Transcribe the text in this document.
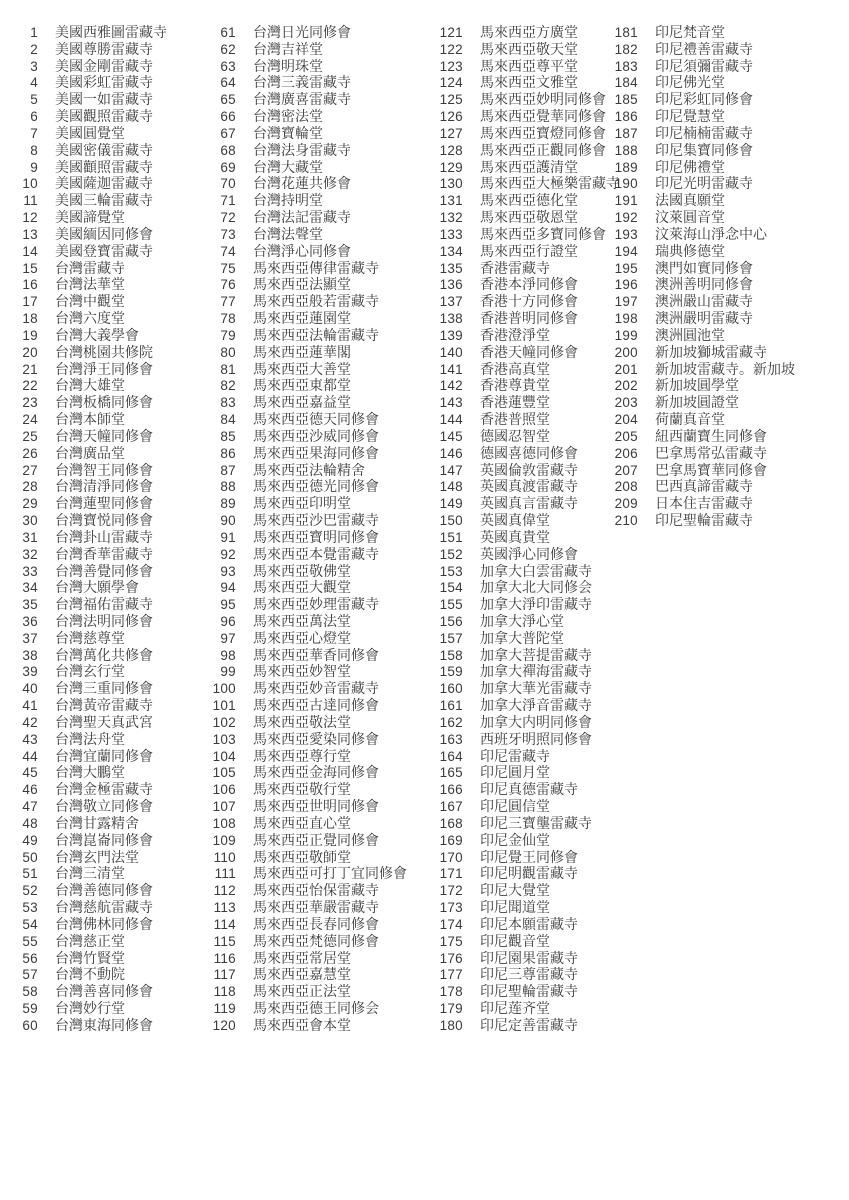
1	美國西雅圖雷藏寺
2	美國尊勝雷藏寺
3	美國金剛雷藏寺
4	美國彩虹雷藏寺
5	美國一如雷藏寺
6	美國觀照雷藏寺
7	美國圓覺堂
8	美國密儀雷藏寺
9	美國顴照雷藏寺
10	美國薩迦雷藏寺
11	美國三輪雷藏寺
12	美國諦覺堂
13	美國緬因同修會
14	美國登寶雷藏寺
15	台灣雷藏寺
16	台灣法華堂
17	台灣中觀堂
18	台灣六度堂
19	台灣大義學會
20	台灣桃園共修院
21	台灣淨王同修會
22	台灣大雄堂
23	台灣板橋同修會
24	台灣本師堂
25	台灣天幢同修會
26	台灣廣品堂
27	台灣智王同修會
28	台灣清淨同修會
29	台灣蓮聖同修會
30	台灣寶悦同修會
31	台灣卦山雷藏寺
32	台灣香華雷藏寺
33	台灣善覺同修會
34	台灣大願學會
35	台灣福佑雷藏寺
36	台灣法明同修會
37	台灣慈尊堂
38	台灣萬化共修會
39	台灣玄行堂
40	台灣三重同修會
41	台灣黃帝雷藏寺
42	台灣聖天真武宮
43	台灣法舟堂
44	台灣宜蘭同修會
45	台灣大鵬堂
46	台灣金極雷藏寺
47	台灣敬立同修會
48	台灣甘露精舍
49	台灣崑崙同修會
50	台灣玄門法堂
51	台灣三清堂
52	台灣善德同修會
53	台灣慈航雷藏寺
54	台灣佛林同修會
55	台灣慈正堂
56	台灣竹賢堂
57	台灣不動院
58	台灣善喜同修會
59	台灣妙行堂
60	台灣東海同修會
61	台灣日光同修會
62	台灣吉祥堂
63	台灣明珠堂
64	台灣三義雷藏寺
65	台灣廣喜雷藏寺
66	台灣密法堂
67	台灣寶輪堂
68	台灣法身雷藏寺
69	台灣大藏堂
70	台灣花蓮共修會
71	台灣持明堂
72	台灣法記雷藏寺
73	台灣法聲堂
74	台灣淨心同修會
75	馬來西亞傳律雷藏寺
76	馬來西亞法顯堂
77	馬來西亞般若雷藏寺
78	馬來西亞蓮園堂
79	馬來西亞法輪雷藏寺
80	馬來西亞蓮華閣
81	馬來西亞大善堂
82	馬來西亞東都堂
83	馬來西亞嘉益堂
84	馬來西亞德天同修會
85	馬來西亞沙威同修會
86	馬來西亞果海同修會
87	馬來西亞法輪精舍
88	馬來西亞德光同修會
89	馬來西亞印明堂
90	馬來西亞沙巴雷藏寺
91	馬來西亞寶明同修會
92	馬來西亞本覺雷藏寺
93	馬來西亞敬佛堂
94	馬來西亞大觀堂
95	馬來西亞妙理雷藏寺
96	馬來西亞萬法堂
97	馬來西亞心燈堂
98	馬來西亞華香同修會
99	馬來西亞妙智堂
100	馬來西亞妙音雷藏寺
101	馬來西亞古達同修會
102	馬來西亞敬法堂
103	馬來西亞愛染同修會
104	馬來西亞尊行堂
105	馬來西亞金海同修會
106	馬來西亞敬行堂
107	馬來西亞世明同修會
108	馬來西亞直心堂
109	馬來西亞正覺同修會
110	馬來西亞敬師堂
111	馬來西亞可打丁宜同修會
112	馬來西亞怡保雷藏寺
113	馬來西亞華嚴雷藏寺
114	馬來西亞長春同修會
115	馬來西亞梵德同修會
116	馬來西亞常居堂
117	馬來西亞嘉慧堂
118	馬來西亞正法堂
119	馬來西亞德王同修会
120	馬來西亞會本堂
121	馬來西亞方廣堂
122	馬來西亞敬天堂
123	馬來西亞尊平堂
124	馬來西亞文雅堂
125	馬來西亞妙明同修會
126	馬來西亞覺華同修會
127	馬來西亞寶燈同修會
128	馬來西亞正觀同修會
129	馬來西亞護清堂
130	馬來西亞大極樂雷藏寺
131	馬來西亞德化堂
132	馬來西亞敬恩堂
133	馬來西亞多寶同修會
134	馬來西亞行證堂
135	香港雷藏寺
136	香港本淨同修會
137	香港十方同修會
138	香港普明同修會
139	香港澄淨堂
140	香港天幢同修會
141	香港高真堂
142	香港尊貴堂
143	香港蓮豐堂
144	香港普照堂
145	德國忍智堂
146	德國喜德同修會
147	英國倫敦雷藏寺
148	英國真渡雷藏寺
149	英國真言雷藏寺
150	英國真偉堂
151	英國真貴堂
152	英國淨心同修會
153	加拿大白雲雷藏寺
154	加拿大北大同修会
155	加拿大淨印雷藏寺
156	加拿大淨心堂
157	加拿大普陀堂
158	加拿大菩提雷藏寺
159	加拿大禪海雷藏寺
160	加拿大華光雷藏寺
161	加拿大淨音雷藏寺
162	加拿大内明同修會
163	西班牙明照同修會
164	印尼雷藏寺
165	印尼圓月堂
166	印尼真德雷藏寺
167	印尼圓信堂
168	印尼三寶壟雷藏寺
169	印尼金仙堂
170	印尼覺王同修會
171	印尼明觀雷藏寺
172	印尼大覺堂
173	印尼聞道堂
174	印尼本願雷藏寺
175	印尼觀音堂
176	印尼園果雷藏寺
177	印尼三尊雷藏寺
178	印尼聖輪雷藏寺
179	印尼莲齐堂
180	印尼定善雷藏寺
181	印尼梵音堂
182	印尼禮善雷藏寺
183	印尼須彌雷藏寺
184	印尼佛光堂
185	印尼彩虹同修會
186	印尼覺慧堂
187	印尼楠楠雷藏寺
188	印尼集寶同修會
189	印尼佛禮堂
190	印尼光明雷藏寺
191	法國真願堂
192	汶萊圓音堂
193	汶萊海山淨念中心
194	瑞典修德堂
195	澳門如實同修會
196	澳洲善明同修會
197	澳洲嚴山雷藏寺
198	澳洲嚴明雷藏寺
199	澳洲圓池堂
200	新加坡獅城雷藏寺
201	新加坡雷藏寺。新加坡
202	新加坡圓學堂
203	新加坡圓證堂
204	荷蘭真音堂
205	紐西蘭寶生同修會
206	巴拿馬常弘雷藏寺
207	巴拿馬寶華同修會
208	巴西真諦雷藏寺
209	日本住吉雷藏寺
210	印尼聖輪雷藏寺
